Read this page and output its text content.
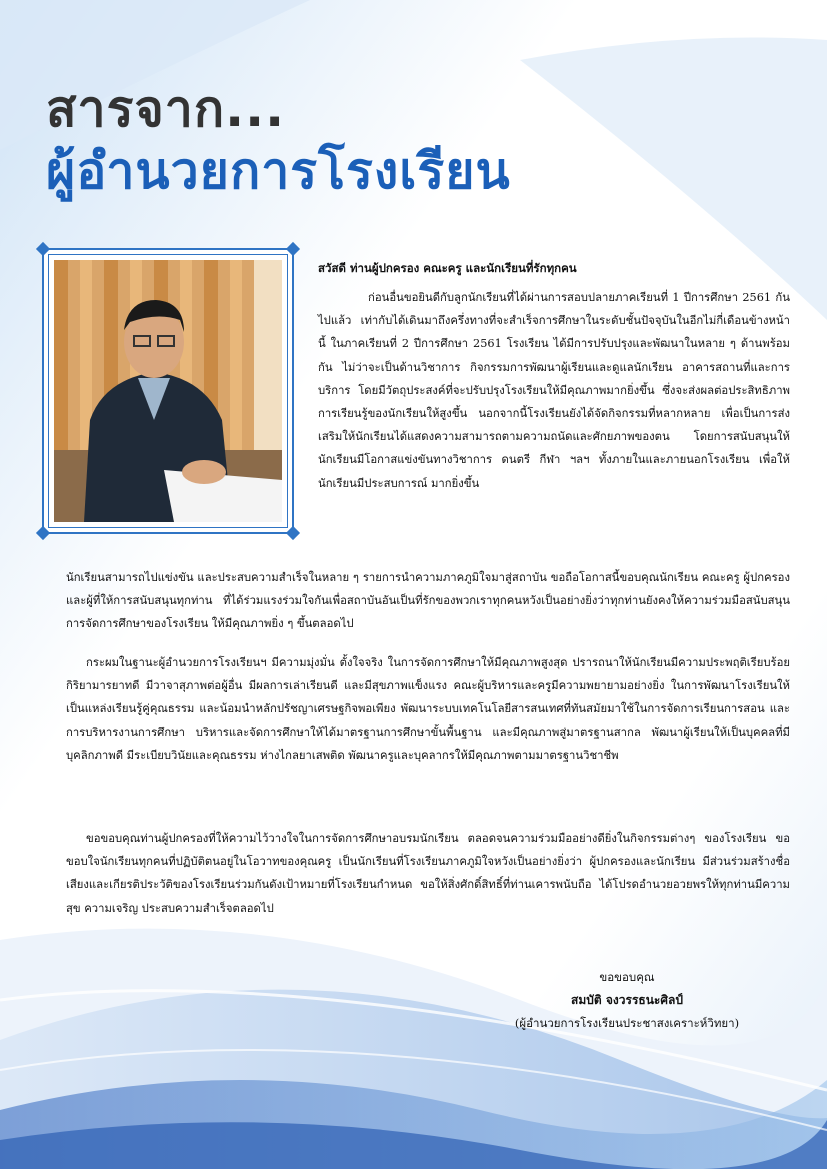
สารจาก...
ผู้อำนวยการโรงเรียน
สวัสดี ท่านผู้ปกครอง คณะครู และนักเรียนที่รักทุกคน
ก่อนอื่นขอยินดีกับลูกนักเรียนที่ได้ผ่านการสอบปลายภาคเรียนที่ 1 ปีการศึกษา 2561 กันไปแล้ว เท่ากับได้เดินมาถึงครึ่งทางที่จะสำเร็จการศึกษาในระดับชั้นปัจจุบันในอีกไม่กี่เดือนข้างหน้านี้ ในภาคเรียนที่ 2 ปีการศึกษา 2561 โรงเรียน ได้มีการปรับปรุงและพัฒนาในหลาย ๆ ด้านพร้อมกัน ไม่ว่าจะเป็นด้านวิชาการ กิจกรรมการพัฒนาผู้เรียนและดูแลนักเรียน อาคารสถานที่และการบริการ โดยมีวัตถุประสงค์ที่จะปรับปรุงโรงเรียนให้มีคุณภาพมากยิ่งขึ้น ซึ่งจะส่งผลต่อประสิทธิภาพการเรียนรู้ของนักเรียนให้สูงขึ้น นอกจากนี้โรงเรียนยังได้จัดกิจกรรมที่หลากหลาย เพื่อเป็นการส่งเสริมให้นักเรียนได้แสดงความสามารถตามความถนัดและศักยภาพของตน โดยการสนับสนุนให้นักเรียนมีโอกาสแข่งขันทางวิชาการ ดนตรี กีฬา ฯลฯ ทั้งภายในและภายนอกโรงเรียน เพื่อให้นักเรียนมีประสบการณ์ มากยิ่งขึ้น
นักเรียนสามารถไปแข่งขัน และประสบความสำเร็จในหลาย ๆ รายการนำความภาคภูมิใจมาสู่สถาบัน ขอถือโอกาสนี้ขอบคุณนักเรียน คณะครู ผู้ปกครอง และผู้ที่ให้การสนับสนุนทุกท่าน ที่ได้ร่วมแรงร่วมใจกันเพื่อสถาบันอันเป็นที่รักของพวกเราทุกคนหวังเป็นอย่างยิ่งว่าทุกท่านยังคงให้ความร่วมมือสนับสนุนการจัดการศึกษาของโรงเรียน ให้มีคุณภาพยิ่ง ๆ ขึ้นตลอดไป
กระผมในฐานะผู้อำนวยการโรงเรียนฯ มีความมุ่งมั่น ตั้งใจจริง ในการจัดการศึกษาให้มีคุณภาพสูงสุด ปรารถนาให้นักเรียนมีความประพฤติเรียบร้อย กิริยามารยาทดี มีวาจาสุภาพต่อผู้อื่น มีผลการเล่าเรียนดี และมีสุขภาพแข็งแรง คณะผู้บริหารและครูมีความพยายามอย่างยิ่ง ในการพัฒนาโรงเรียนให้เป็นแหล่งเรียนรู้คู่คุณธรรม และน้อมนำหลักปรัชญาเศรษฐกิจพอเพียง พัฒนาระบบเทคโนโลยีสารสนเทศที่ทันสมัยมาใช้ในการจัดการเรียนการสอน และการบริหารงานการศึกษา บริหารและจัดการศึกษาให้ได้มาตรฐานการศึกษาขั้นพื้นฐาน และมีคุณภาพสู่มาตรฐานสากล พัฒนาผู้เรียนให้เป็นบุคคลที่มีบุคลิกภาพดี มีระเบียบวินัยและคุณธรรม ห่างไกลยาเสพติด พัฒนาครูและบุคลากรให้มีคุณภาพตามมาตรฐานวิชาชีพ
ขอขอบคุณท่านผู้ปกครองที่ให้ความไว้วางใจในการจัดการศึกษาอบรมนักเรียน ตลอดจนความร่วมมืออย่างดียิ่งในกิจกรรมต่างๆ ของโรงเรียน ขอขอบใจนักเรียนทุกคนที่ปฏิบัติตนอยู่ในโอวาทของคุณครู เป็นนักเรียนที่โรงเรียนภาคภูมิใจหวังเป็นอย่างยิ่งว่า ผู้ปกครองและนักเรียน มีส่วนร่วมสร้างชื่อเสียงและเกียรติประวัติของโรงเรียนร่วมกันดังเป้าหมายที่โรงเรียนกำหนด ขอให้สิ่งศักดิ์สิทธิ์ที่ท่านเคารพนับถือ ได้โปรดอำนวยอวยพรให้ทุกท่านมีความสุข ความเจริญ ประสบความสำเร็จตลอดไป
ขอขอบคุณ
สมบัติ จงวรรธนะศิลป์
(ผู้อำนวยการโรงเรียนประชาสงเคราะห์วิทยา)
